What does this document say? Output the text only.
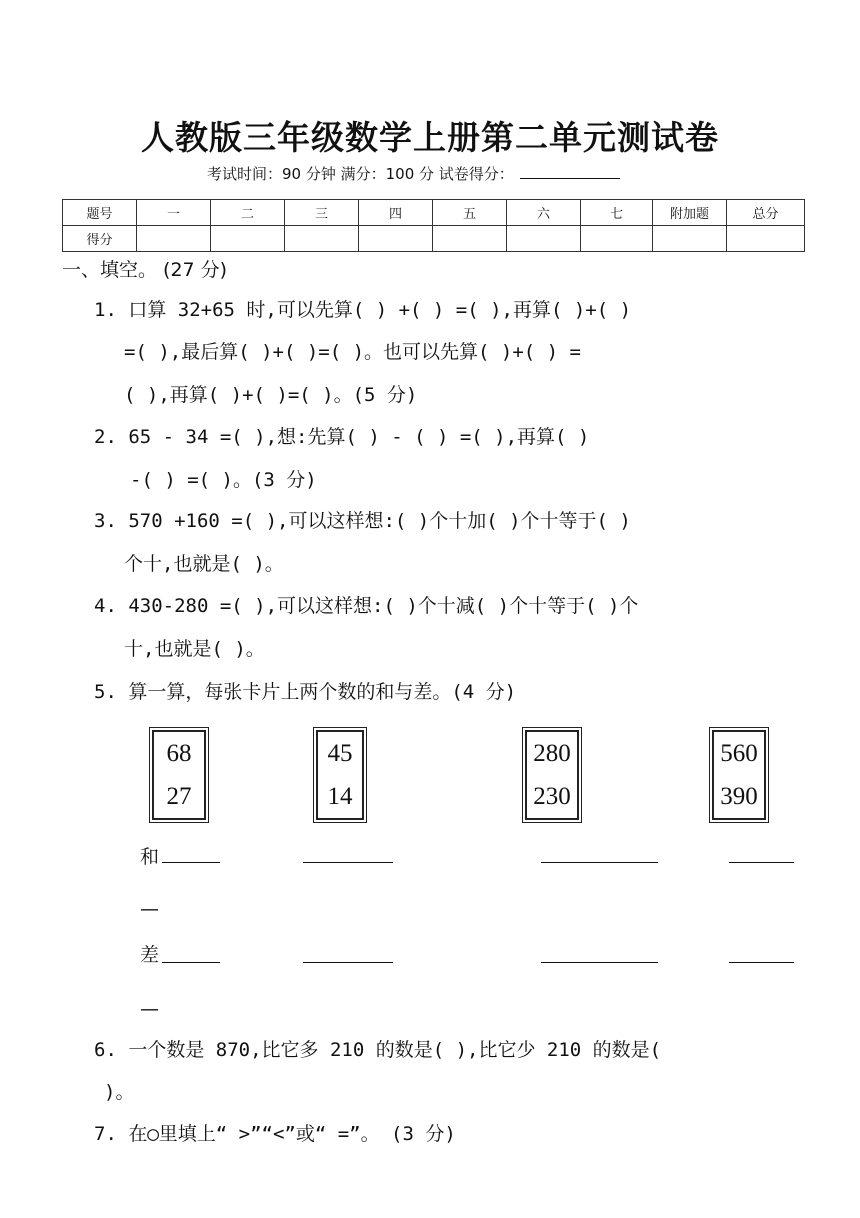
人教版三年级数学上册第二单元测试卷
考试时间：90 分钟 满分：100 分 试卷得分：
题号	一	二	三	四	五	六	七	附加题	总分
得分									
一、填空。 (27 分)
1. 口算 32+65 时,可以先算( ) +( ) =( ),再算( )+( )
=( ),最后算( )+( )=( )。也可以先算( )+( ) =
( ),再算( )+( )=( )。(5 分)
2. 65 - 34 =( ),想:先算( ) - ( ) =( ),再算( )
-( ) =( )。(3 分)
3. 570 +160 =( ),可以这样想:( )个十加( )个十等于( )
个十,也就是( )。
4. 430-280 =( ),可以这样想:( )个十减( )个十等于( )个
十,也就是( )。
5. 算一算，每张卡片上两个数的和与差。(4 分)
68
27
45
14
280
230
560
390
和
—
差
—
6. 一个数是 870,比它多 210 的数是( ),比它少 210 的数是(
)。
7. 在◯里填上“ >”“<”或“ =”。 (3 分)
